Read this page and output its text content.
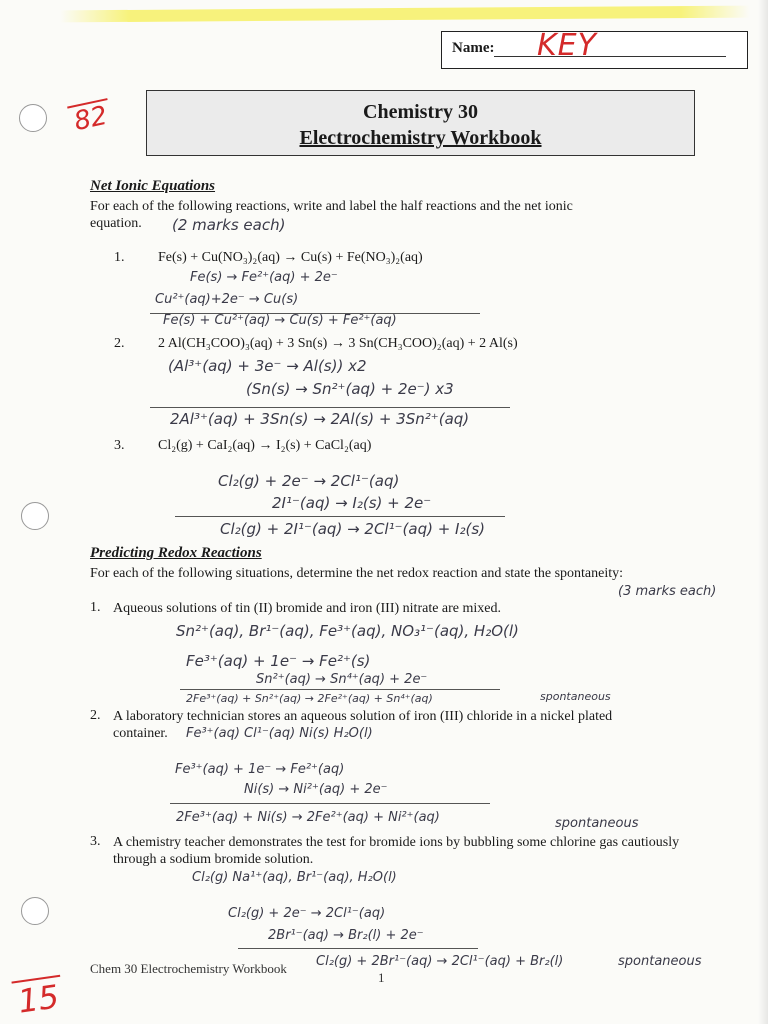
Name: KEY
82
15
Chemistry 30
Electrochemistry Workbook
Net Ionic Equations
For each of the following reactions, write and label the half reactions and the net ionic equation.	(2 marks each)
1. Fe(s) + Cu(NO₃)₂(aq) → Cu(s) + Fe(NO₃)₂(aq)
Fe(s) → Fe²⁺(aq) + 2e⁻
Cu²⁺(aq)+2e⁻ → Cu(s)
Fe(s) + Cu²⁺(aq) → Cu(s) + Fe²⁺(aq)
2. 2 Al(CH₃COO)₃(aq) + 3 Sn(s) → 3 Sn(CH₃COO)₂(aq) + 2 Al(s)
(Al³⁺(aq) + 3e⁻ → Al(s)) x2
(Sn(s) → Sn²⁺(aq) + 2e⁻) x3
2Al³⁺(aq) + 3Sn(s) → 2Al(s) + 3Sn²⁺(aq)
3. Cl₂(g) + CaI₂(aq) → I₂(s) + CaCl₂(aq)
Cl₂(g) + 2e⁻ → 2Cl¹⁻(aq)
2I¹⁻(aq) → I₂(s) + 2e⁻
Cl₂(g) + 2I¹⁻(aq) → 2Cl¹⁻(aq) + I₂(s)
Predicting Redox Reactions
For each of the following situations, determine the net redox reaction and state the spontaneity:
(3 marks each)
1. Aqueous solutions of tin (II) bromide and iron (III) nitrate are mixed.
Sn²⁺(aq), Br¹⁻(aq), Fe³⁺(aq), NO₃¹⁻(aq), H₂O(l)
Fe³⁺(aq) + 1e⁻ → Fe²⁺(s)
Sn²⁺(aq) → Sn⁴⁺(aq) + 2e⁻
2Fe³⁺(aq) + Sn²⁺(aq) → 2Fe²⁺(aq) + Sn⁴⁺(aq)	spontaneous
2. A laboratory technician stores an aqueous solution of iron (III) chloride in a nickel plated container.	Fe³⁺(aq) Cl¹⁻(aq) Ni(s) H₂O(l)
Fe³⁺(aq) + 1e⁻ → Fe²⁺(aq)
Ni(s) → Ni²⁺(aq) + 2e⁻
2Fe³⁺(aq) + Ni(s) → 2Fe²⁺(aq) + Ni²⁺(aq)	spontaneous
3. A chemistry teacher demonstrates the test for bromide ions by bubbling some chlorine gas cautiously through a sodium bromide solution.
Cl₂(g) Na¹⁺(aq), Br¹⁻(aq), H₂O(l)
Cl₂(g) + 2e⁻ → 2Cl¹⁻(aq)
2Br¹⁻(aq) → Br₂(l) + 2e⁻
Chem 30 Electrochemistry Workbook
1
Cl₂(g) + 2Br¹⁻(aq) → 2Cl¹⁻(aq) + Br₂(l)	spontaneous
